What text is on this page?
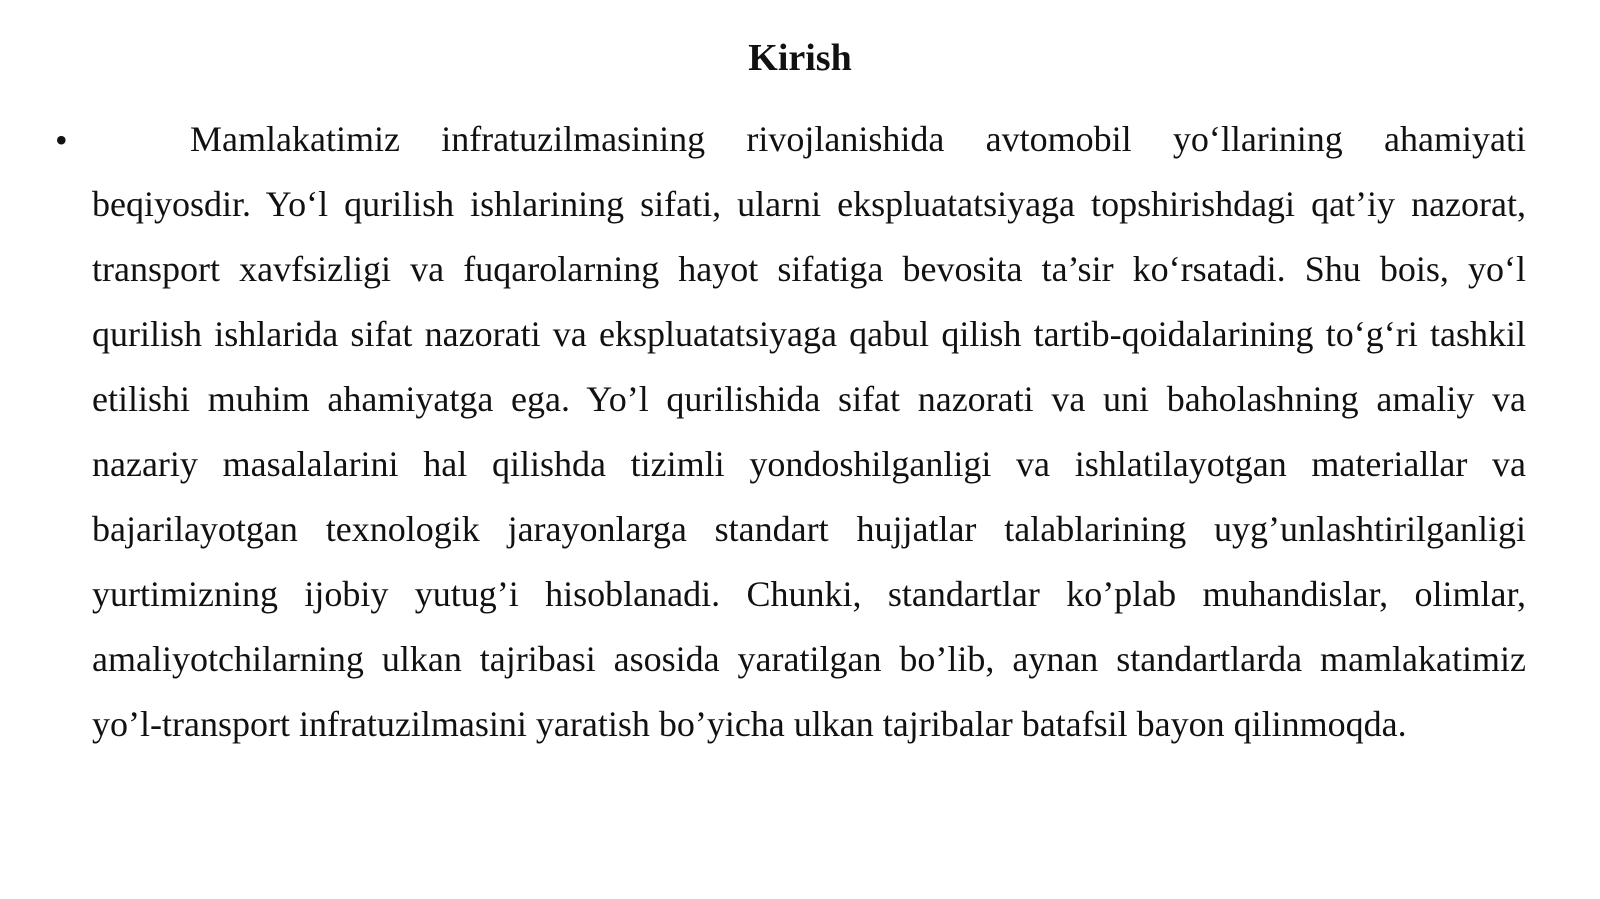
Kirish
•	Mamlakatimiz infratuzilmasining rivojlanishida avtomobil yo‘llarining ahamiyati beqiyosdir. Yo‘l qurilish ishlarining sifati, ularni ekspluatatsiyaga topshirishdagi qat’iy nazorat, transport xavfsizligi va fuqarolarning hayot sifatiga bevosita ta’sir ko‘rsatadi. Shu bois, yo‘l qurilish ishlarida sifat nazorati va ekspluatatsiyaga qabul qilish tartib-qoidalarining to‘g‘ri tashkil etilishi muhim ahamiyatga ega. Yo’l qurilishida sifat nazorati va uni baholashning amaliy va nazariy masalalarini hal qilishda tizimli yondoshilganligi va ishlatilayotgan materiallar va bajarilayotgan texnologik jarayonlarga standart hujjatlar talablarining uyg’unlashtirilganligi yurtimizning ijobiy yutug’i hisoblanadi. Chunki, standartlar ko’plab muhandislar, olimlar, amaliyotchilarning ulkan tajribasi asosida yaratilgan bo’lib, aynan standartlarda mamlakatimiz yo’l-transport infratuzilmasini yaratish bo’yicha ulkan tajribalar batafsil bayon qilinmoqda.
